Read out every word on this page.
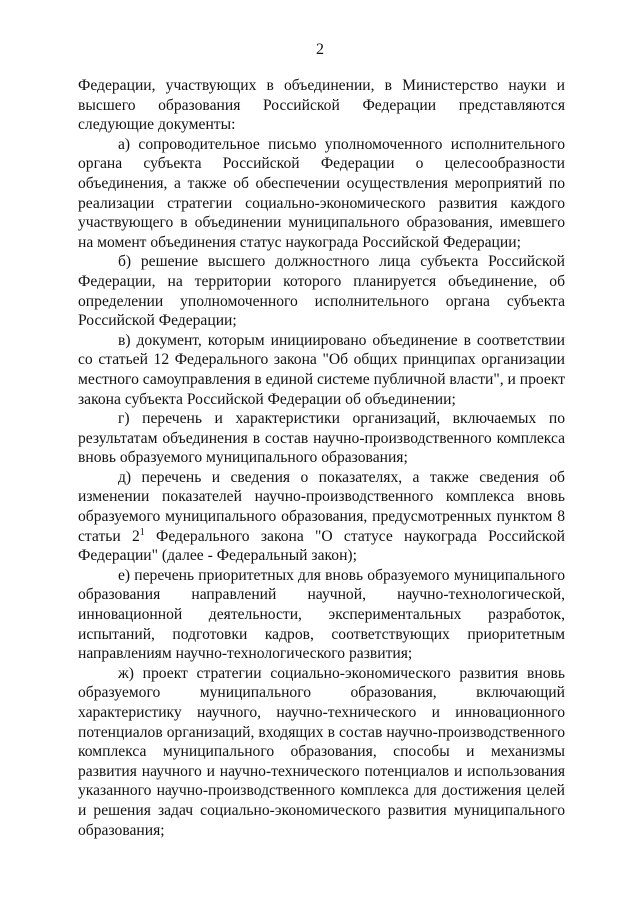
2

Федерации, участвующих в объединении, в Министерство науки и высшего образования Российской Федерации представляются следующие документы:

а) сопроводительное письмо уполномоченного исполнительного органа субъекта Российской Федерации о целесообразности объединения, а также об обеспечении осуществления мероприятий по реализации стратегии социально-экономического развития каждого участвующего в объединении муниципального образования, имевшего на момент объединения статус наукограда Российской Федерации;

б) решение высшего должностного лица субъекта Российской Федерации, на территории которого планируется объединение, об определении уполномоченного исполнительного органа субъекта Российской Федерации;

в) документ, которым инициировано объединение в соответствии со статьей 12 Федерального закона "Об общих принципах организации местного самоуправления в единой системе публичной власти", и проект закона субъекта Российской Федерации об объединении;

г) перечень и характеристики организаций, включаемых по результатам объединения в состав научно-производственного комплекса вновь образуемого муниципального образования;

д) перечень и сведения о показателях, а также сведения об изменении показателей научно-производственного комплекса вновь образуемого муниципального образования, предусмотренных пунктом 8 статьи $2^1$ Федерального закона "О статусе наукограда Российской Федерации" (далее - Федеральный закон);

е) перечень приоритетных для вновь образуемого муниципального образования направлений научной, научно-технологической, инновационной деятельности, экспериментальных разработок, испытаний, подготовки кадров, соответствующих приоритетным направлениям научно-технологического развития;

ж) проект стратегии социально-экономического развития вновь образуемого муниципального образования, включающий характеристику научного, научно-технического и инновационного потенциалов организаций, входящих в состав научно-производственного комплекса муниципального образования, способы и механизмы развития научного и научно-технического потенциалов и использования указанного научно-производственного комплекса для достижения целей и решения задач социально-экономического развития муниципального образования;
